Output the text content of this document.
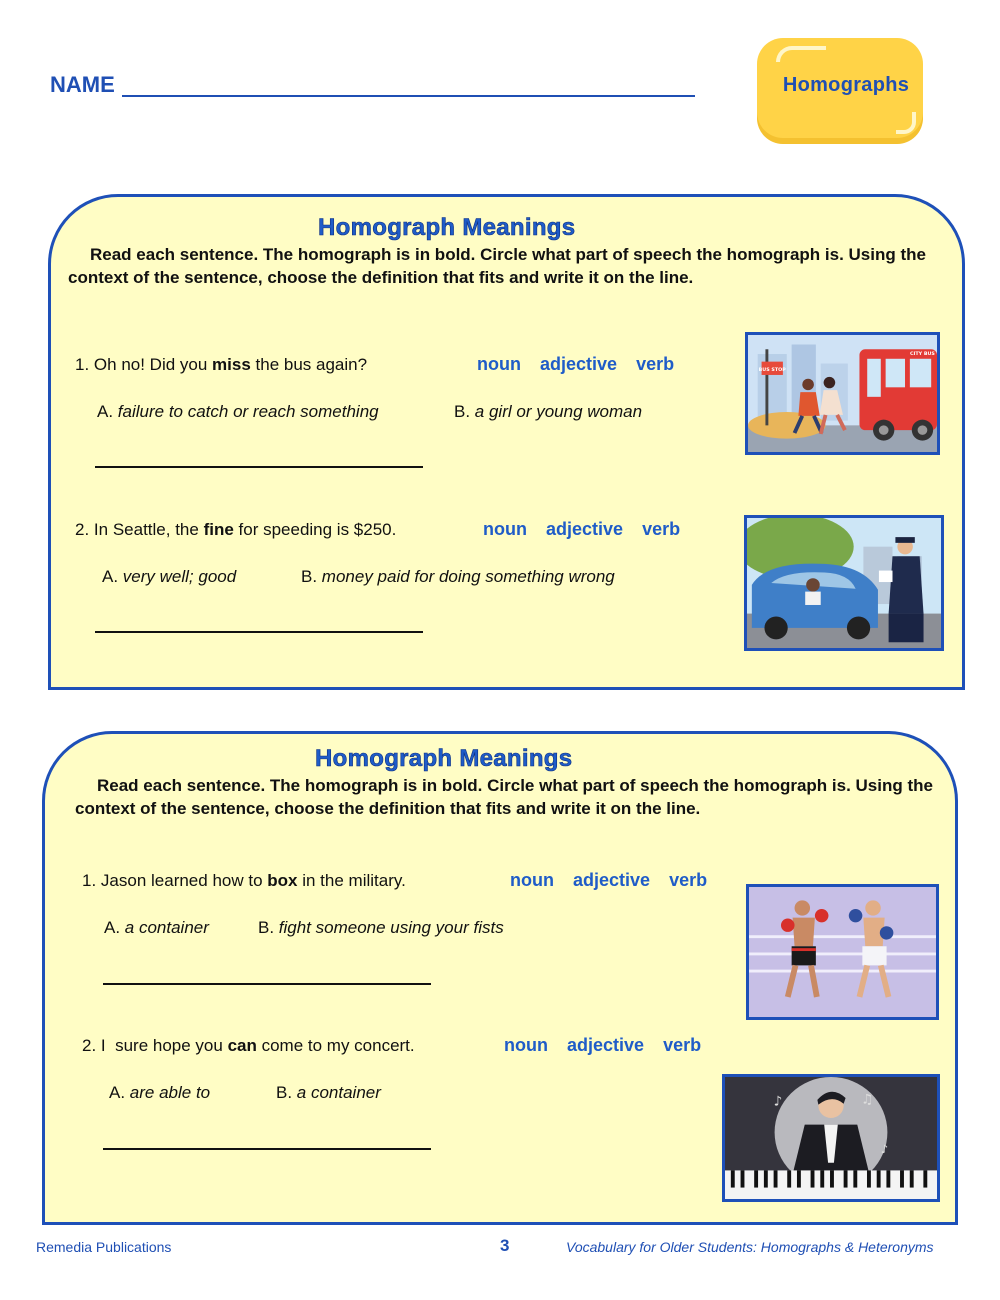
NAME	Homographs
Homograph Meanings
Read each sentence. The homograph is in bold. Circle what part of speech the homograph is. Using the context of the sentence, choose the definition that fits and write it on the line.
1. Oh no! Did you miss the bus again?	noun adjective verb
A. failure to catch or reach something	B. a girl or young woman
BUS STOP
CITY BUS
2. In Seattle, the fine for speeding is $250.	noun adjective verb
A. very well; good	B. money paid for doing something wrong
Homograph Meanings
Read each sentence. The homograph is in bold. Circle what part of speech the homograph is. Using the context of the sentence, choose the definition that fits and write it on the line.
1. Jason learned how to box in the military.	noun adjective verb
A. a container	B. fight someone using your fists
2. I  sure hope you can come to my concert.	noun adjective verb
A. are able to	B. a container	♪	♫
♪
Remedia Publications	3	Vocabulary for Older Students: Homographs & Heteronyms
